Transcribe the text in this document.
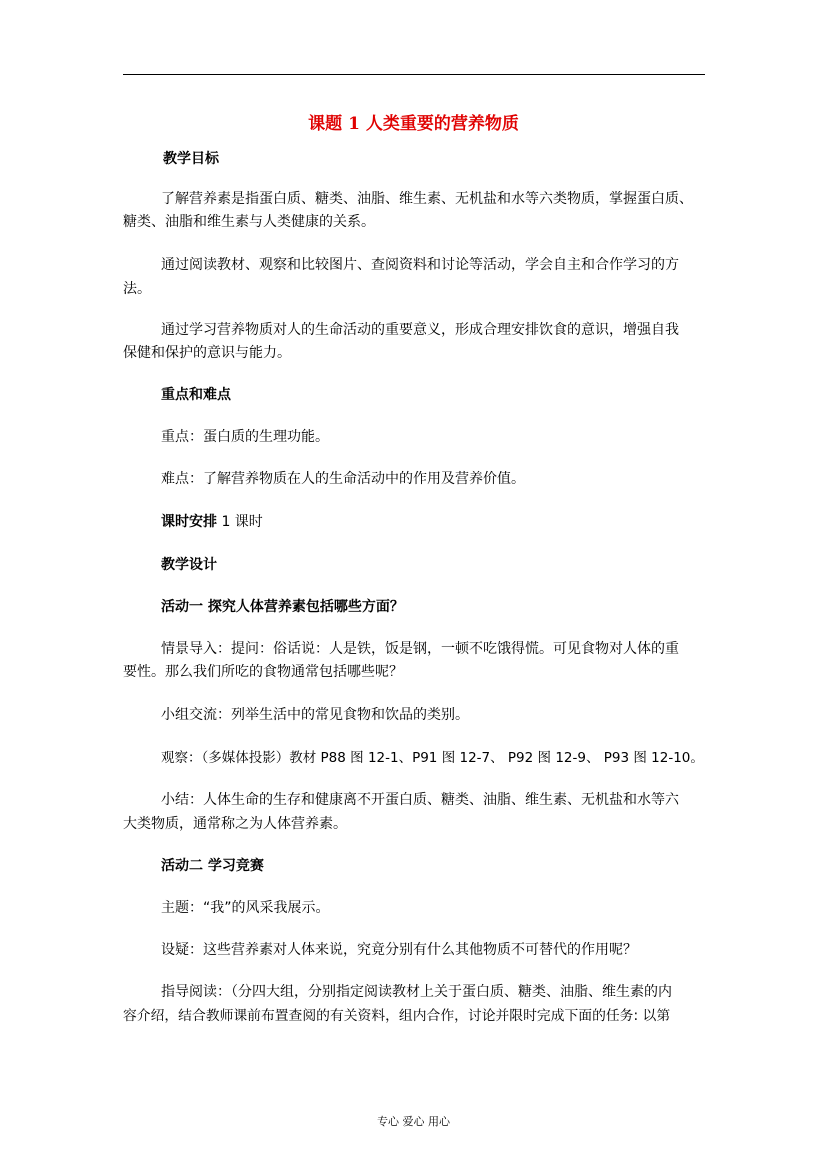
课题 1 人类重要的营养物质
教学目标
了解营养素是指蛋白质、糖类、油脂、维生素、无机盐和水等六类物质，掌握蛋白质、
糖类、油脂和维生素与人类健康的关系。
通过阅读教材、观察和比较图片、查阅资料和讨论等活动，学会自主和合作学习的方
法。
通过学习营养物质对人的生命活动的重要意义，形成合理安排饮食的意识，增强自我
保健和保护的意识与能力。
重点和难点
重点：蛋白质的生理功能。
难点：了解营养物质在人的生命活动中的作用及营养价值。
课时安排 1 课时
教学设计
活动一 探究人体营养素包括哪些方面？
情景导入：提问：俗话说：人是铁，饭是钢，一顿不吃饿得慌。可见食物对人体的重
要性。那么我们所吃的食物通常包括哪些呢？
小组交流：列举生活中的常见食物和饮品的类别。
观察：（多媒体投影）教材 P88 图 12-1、P91 图 12-7、 P92 图 12-9、 P93 图 12-10。
小结：人体生命的生存和健康离不开蛋白质、糖类、油脂、维生素、无机盐和水等六
大类物质，通常称之为人体营养素。
活动二 学习竞赛
主题：“我”的风采我展示。
设疑：这些营养素对人体来说，究竟分别有什么其他物质不可替代的作用呢？
指导阅读：（分四大组，分别指定阅读教材上关于蛋白质、糖类、油脂、维生素的内
容介绍，结合教师课前布置查阅的有关资料，组内合作，讨论并限时完成下面的任务: 以第
专心 爱心 用心
